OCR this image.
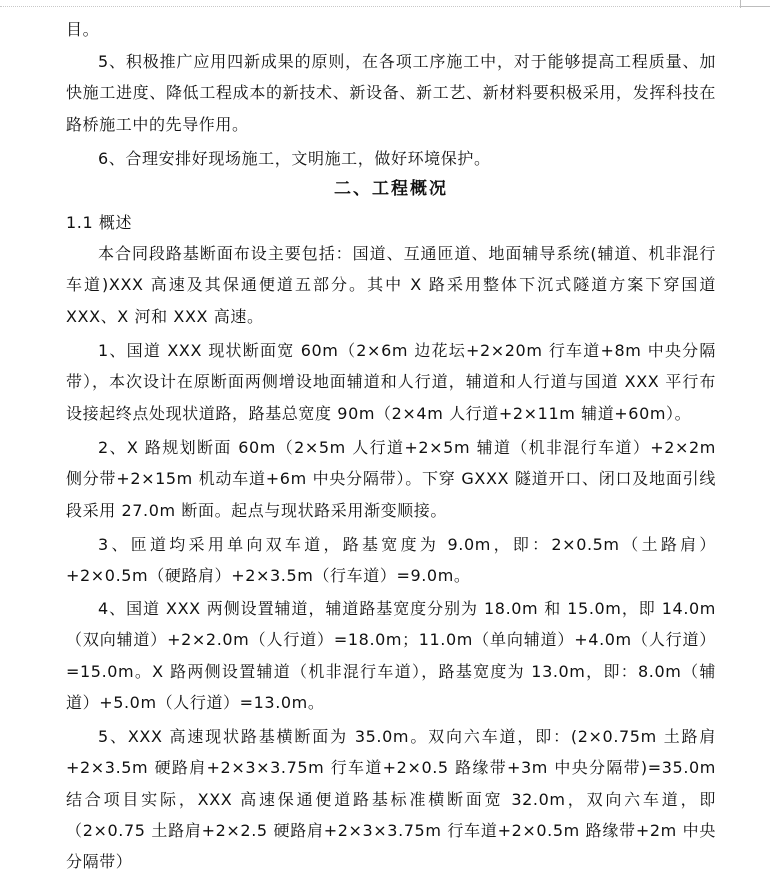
目。

5、积极推广应用四新成果的原则，在各项工序施工中，对于能够提高工程质量、加快施工进度、降低工程成本的新技术、新设备、新工艺、新材料要积极采用，发挥科技在路桥施工中的先导作用。

6、合理安排好现场施工，文明施工，做好环境保护。

二、工程概况

1.1 概述

本合同段路基断面布设主要包括：国道、互通匝道、地面辅导系统(辅道、机非混行车道)XXX 高速及其保通便道五部分。其中 X 路采用整体下沉式隧道方案下穿国道 XXX、X 河和 XXX 高速。

1、国道 XXX 现状断面宽 60m（2×6m 边花坛+2×20m 行车道+8m 中央分隔带），本次设计在原断面两侧增设地面辅道和人行道，辅道和人行道与国道 XXX 平行布设接起终点处现状道路，路基总宽度 90m（2×4m 人行道+2×11m 辅道+60m）。

2、X 路规划断面 60m（2×5m 人行道+2×5m 辅道（机非混行车道）+2×2m 侧分带+2×15m 机动车道+6m 中央分隔带）。下穿 GXXX 隧道开口、闭口及地面引线段采用 27.0m 断面。起点与现状路采用渐变顺接。

3、匝道均采用单向双车道，路基宽度为 9.0m，即：2×0.5m（土路肩）+2×0.5m（硬路肩）+2×3.5m（行车道）=9.0m。

4、国道 XXX 两侧设置辅道，辅道路基宽度分别为 18.0m 和 15.0m，即 14.0m（双向辅道）+2×2.0m（人行道）=18.0m；11.0m（单向辅道）+4.0m（人行道）=15.0m。X 路两侧设置辅道（机非混行车道），路基宽度为 13.0m，即：8.0m（辅道）+5.0m（人行道）=13.0m。

5、XXX 高速现状路基横断面为 35.0m。双向六车道，即：(2×0.75m 土路肩+2×3.5m 硬路肩+2×3×3.75m 行车道+2×0.5 路缘带+3m 中央分隔带)=35.0m 结合项目实际，XXX 高速保通便道路基标准横断面宽 32.0m，双向六车道，即（2×0.75 土路肩+2×2.5 硬路肩+2×3×3.75m 行车道+2×0.5m 路缘带+2m 中央分隔带）
